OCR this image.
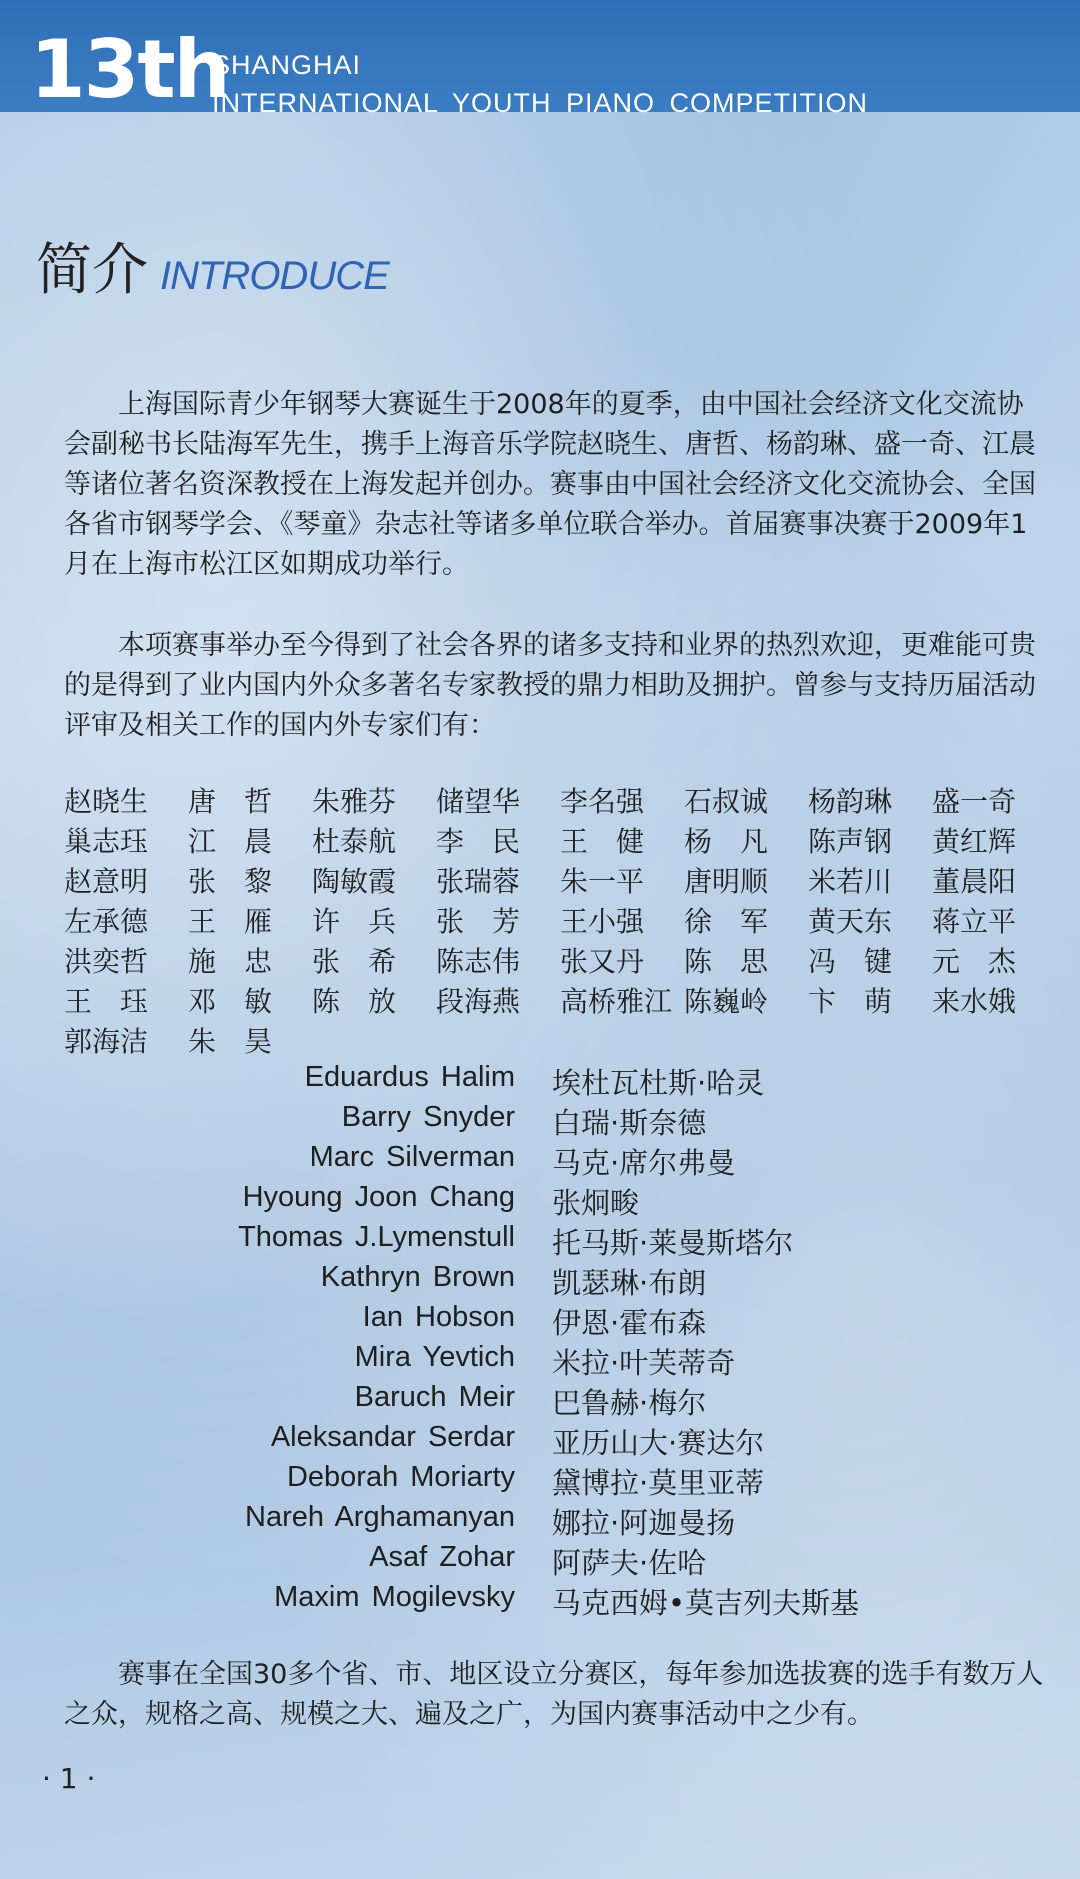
13th
SHANGHAI
INTERNATIONAL YOUTH PIANO COMPETITION
简介 INTRODUCE

上海国际青少年钢琴大赛诞生于2008年的夏季，由中国社会经济文化交流协会副秘书长陆海军先生，携手上海音乐学院赵晓生、唐哲、杨韵琳、盛一奇、江晨等诸位著名资深教授在上海发起并创办。赛事由中国社会经济文化交流协会、全国各省市钢琴学会、《琴童》杂志社等诸多单位联合举办。首届赛事决赛于2009年1月在上海市松江区如期成功举行。

本项赛事举办至今得到了社会各界的诸多支持和业界的热烈欢迎，更难能可贵的是得到了业内国内外众多著名专家教授的鼎力相助及拥护。曾参与支持历届活动评审及相关工作的国内外专家们有：

赵晓生	唐　哲	朱雅芬	储望华	李名强	石叔诚	杨韵琳	盛一奇
巢志珏	江　晨	杜泰航	李　民	王　健	杨　凡	陈声钢	黄红辉
赵意明	张　黎	陶敏霞	张瑞蓉	朱一平	唐明顺	米若川	董晨阳
左承德	王　雁	许　兵	张　芳	王小强	徐　军	黄天东	蒋立平
洪奕哲	施　忠	张　希	陈志伟	张又丹	陈　思	冯　键	元　杰
王　珏	邓　敏	陈　放	段海燕	高桥雅江 陈巍岭	卞　萌	来水娥
郭海洁	朱　昊
Eduardus Halim 埃杜瓦杜斯·哈灵
Barry Snyder 白瑞·斯奈德
Marc Silverman 马克·席尔弗曼
Hyoung Joon Chang 张炯畯
Thomas J.Lymenstull 托马斯·莱曼斯塔尔
Kathryn Brown 凯瑟琳·布朗
Ian Hobson 伊恩·霍布森
Mira Yevtich 米拉·叶芙蒂奇
Baruch Meir 巴鲁赫·梅尔
Aleksandar Serdar 亚历山大·赛达尔
Deborah Moriarty 黛博拉·莫里亚蒂
Nareh Arghamanyan 娜拉·阿迦曼扬
Asaf Zohar 阿萨夫·佐哈
Maxim Mogilevsky 马克西姆•莫吉列夫斯基

赛事在全国30多个省、市、地区设立分赛区，每年参加选拔赛的选手有数万人之众，规格之高、规模之大、遍及之广，为国内赛事活动中之少有。

· 1 ·
